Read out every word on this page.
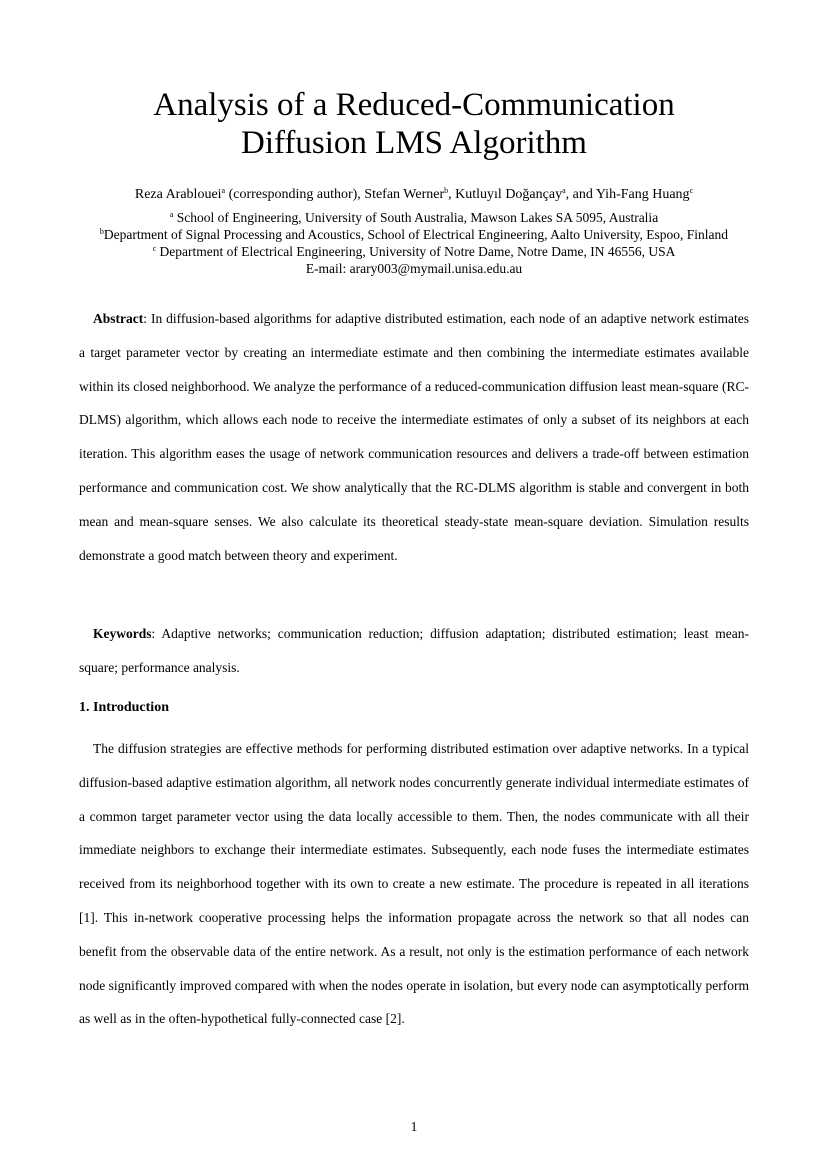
Analysis of a Reduced-Communication
Diffusion LMS Algorithm
Reza Arablouei$^a$ (corresponding author), Stefan Werner$^b$, Kutluyıl Doğançay$^a$, and Yih-Fang Huang$^c$
$^a$ School of Engineering, University of South Australia, Mawson Lakes SA 5095, Australia
$^b$Department of Signal Processing and Acoustics, School of Electrical Engineering, Aalto University, Espoo, Finland
$^c$ Department of Electrical Engineering, University of Notre Dame, Notre Dame, IN 46556, USA
E-mail: arary003@mymail.unisa.edu.au

Abstract: In diffusion-based algorithms for adaptive distributed estimation, each node of an adaptive network estimates a target parameter vector by creating an intermediate estimate and then combining the intermediate estimates available within its closed neighborhood. We analyze the performance of a reduced-communication diffusion least mean-square (RC-DLMS) algorithm, which allows each node to receive the intermediate estimates of only a subset of its neighbors at each iteration. This algorithm eases the usage of network communication resources and delivers a trade-off between estimation performance and communication cost. We show analytically that the RC-DLMS algorithm is stable and convergent in both mean and mean-square senses. We also calculate its theoretical steady-state mean-square deviation. Simulation results demonstrate a good match between theory and experiment.

Keywords: Adaptive networks; communication reduction; diffusion adaptation; distributed estimation; least mean-square; performance analysis.

1. Introduction

The diffusion strategies are effective methods for performing distributed estimation over adaptive networks. In a typical diffusion-based adaptive estimation algorithm, all network nodes concurrently generate individual intermediate estimates of a common target parameter vector using the data locally accessible to them. Then, the nodes communicate with all their immediate neighbors to exchange their intermediate estimates. Subsequently, each node fuses the intermediate estimates received from its neighborhood together with its own to create a new estimate. The procedure is repeated in all iterations [1]. This in-network cooperative processing helps the information propagate across the network so that all nodes can benefit from the observable data of the entire network. As a result, not only is the estimation performance of each network node significantly improved compared with when the nodes operate in isolation, but every node can asymptotically perform as well as in the often-hypothetical fully-connected case [2].

1
